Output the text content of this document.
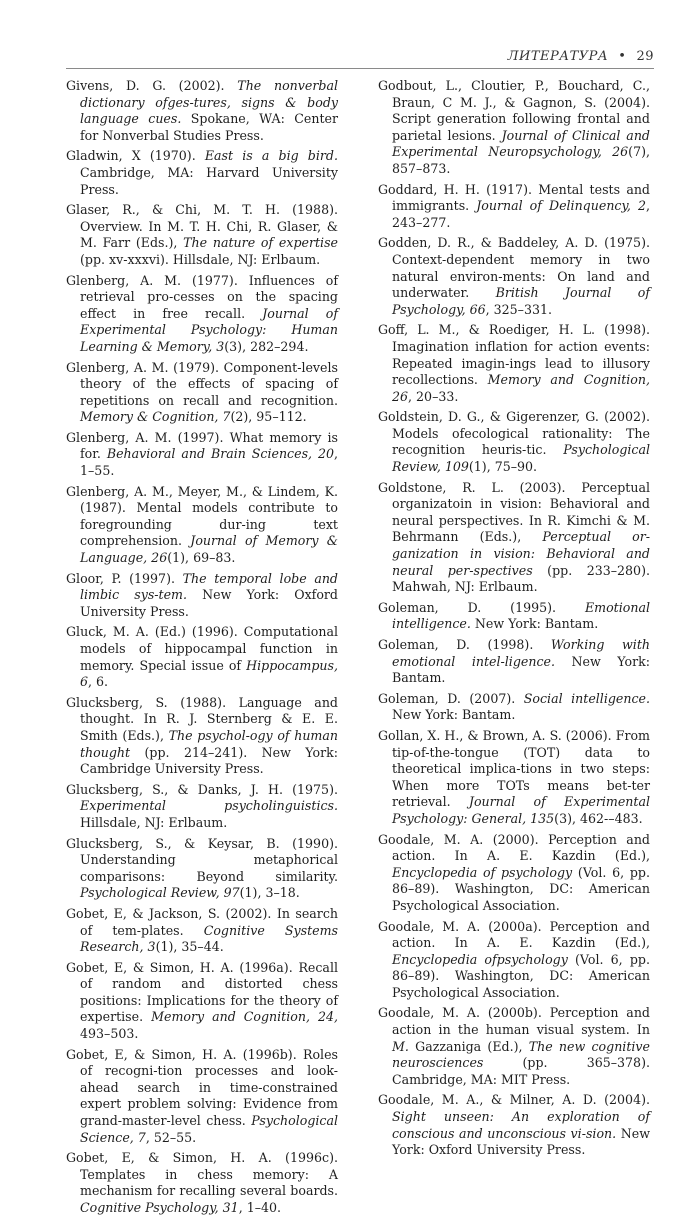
ЛИТЕРАТУРА • 29

Givens, D. G. (2002). The nonverbal dictionary ofges-tures, signs & body language cues. Spokane, WA: Center for Nonverbal Studies Press.

Gladwin, X (1970). East is a big bird. Cambridge, MA: Harvard University Press.

Glaser, R., & Chi, M. T. H. (1988). Overview. In M. T. H. Chi, R. Glaser, & M. Farr (Eds.), The nature of expertise (pp. xv-xxxvi). Hillsdale, NJ: Erlbaum.

Glenberg, A. M. (1977). Influences of retrieval pro-cesses on the spacing effect in free recall. Journal of Experimental Psychology: Human Learning & Memory, 3(3), 282–294.

Glenberg, A. M. (1979). Component-levels theory of the effects of spacing of repetitions on recall and recognition. Memory & Cognition, 7(2), 95–112.

Glenberg, A. M. (1997). What memory is for. Behavioral and Brain Sciences, 20, 1–55.

Glenberg, A. M., Meyer, M., & Lindem, K. (1987). Mental models contribute to foregrounding dur-ing text comprehension. Journal of Memory & Language, 26(1), 69–83.

Gloor, P. (1997). The temporal lobe and limbic sys-tem. New York: Oxford University Press.

Gluck, M. A. (Ed.) (1996). Computational models of hippocampal function in memory. Special issue of Hippocampus, 6, 6.

Glucksberg, S. (1988). Language and thought. In R. J. Sternberg & E. E. Smith (Eds.), The psychol-ogy of human thought (pp. 214–241). New York: Cambridge University Press.

Glucksberg, S., & Danks, J. H. (1975). Experimental psycholinguistics. Hillsdale, NJ: Erlbaum.

Glucksberg, S., & Keysar, B. (1990). Understanding metaphorical comparisons: Beyond similarity. Psychological Review, 97(1), 3–18.

Gobet, E, & Jackson, S. (2002). In search of tem-plates. Cognitive Systems Research, 3(1), 35–44.

Gobet, E, & Simon, H. A. (1996a). Recall of random and distorted chess positions: Implications for the theory of expertise. Memory and Cognition, 24, 493–503.

Gobet, E, & Simon, H. A. (1996b). Roles of recogni-tion processes and look-ahead search in time-constrained expert problem solving: Evidence from grand-master-level chess. Psychological Science, 7, 52–55.

Gobet, E, & Simon, H. A. (1996c). Templates in chess memory: A mechanism for recalling several boards. Cognitive Psychology, 31, 1–40.

Godbout, L., Cloutier, P., Bouchard, C., Braun, C M. J., & Gagnon, S. (2004). Script generation following frontal and parietal lesions. Journal of Clinical and Experimental Neuropsychology, 26(7), 857–873.

Goddard, H. H. (1917). Mental tests and immigrants. Journal of Delinquency, 2, 243–277.

Godden, D. R., & Baddeley, A. D. (1975). Context-dependent memory in two natural environ-ments: On land and underwater. British Journal of Psychology, 66, 325–331.

Goff, L. M., & Roediger, H. L. (1998). Imagination inflation for action events: Repeated imagin-ings lead to illusory recollections. Memory and Cognition, 26, 20–33.

Goldstein, D. G., & Gigerenzer, G. (2002). Models ofecological rationality: The recognition heuris-tic. Psychological Review, 109(1), 75–90.

Goldstone, R. L. (2003). Perceptual organizatoin in vision: Behavioral and neural perspectives. In R. Kimchi & M. Behrmann (Eds.), Perceptual or-ganization in vision: Behavioral and neural per-spectives (pp. 233–280). Mahwah, NJ: Erlbaum.

Goleman, D. (1995). Emotional intelligence. New York: Bantam.

Goleman, D. (1998). Working with emotional intel-ligence. New York: Bantam.

Goleman, D. (2007). Social intelligence. New York: Bantam.

Gollan, X. H., & Brown, A. S. (2006). From tip-of-the-tongue (TOT) data to theoretical implica-tions in two steps: When more TOTs means bet-ter retrieval. Journal of Experimental Psychology: General, 135(3), 462-–483.

Goodale, M. A. (2000). Perception and action. In A. E. Kazdin (Ed.), Encyclopedia of psychology (Vol. 6, pp. 86–89). Washington, DC: American Psychological Association.

Goodale, M. A. (2000a). Perception and action. In A. E. Kazdin (Ed.), Encyclopedia ofpsychology (Vol. 6, pp. 86–89). Washington, DC: American Psychological Association.

Goodale, M. A. (2000b). Perception and action in the human visual system. In M. Gazzaniga (Ed.), The new cognitive neurosciences (pp. 365–378). Cambridge, MA: MIT Press.

Goodale, M. A., & Milner, A. D. (2004). Sight unseen: An exploration of conscious and unconscious vi-sion. New York: Oxford University Press.
